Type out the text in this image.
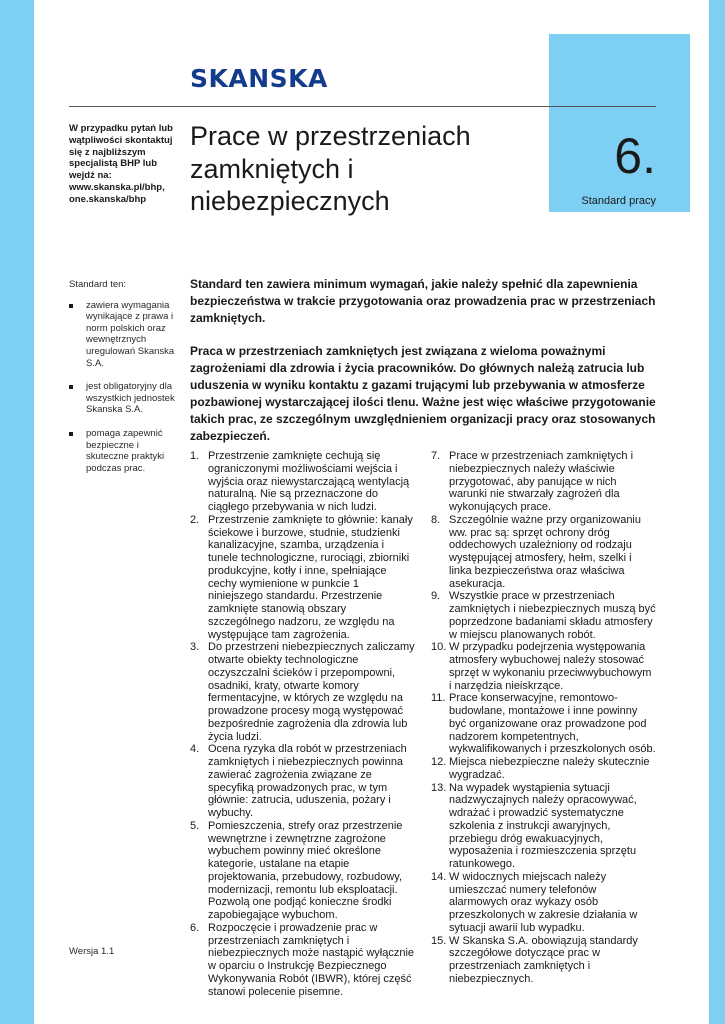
SKANSKA
6.
Standard pracy
W przypadku pytań lub wątpliwości skontaktuj się z najbliższym specjalistą BHP lub wejdź na: www.skanska.pl/bhp, one.skanska/bhp
Prace w przestrzeniach zamkniętych i niebezpiecznych
Standard ten:
zawiera wymagania wynikające z prawa i norm polskich oraz wewnętrznych uregulowań Skanska S.A.
jest obligatoryjny dla wszystkich jednostek Skanska S.A.
pomaga zapewnić bezpieczne i skuteczne praktyki podczas prac.

Standard ten zawiera minimum wymagań, jakie należy spełnić dla zapewnienia bezpieczeństwa w trakcie przygotowania oraz prowadzenia prac w przestrzeniach zamkniętych.

Praca w przestrzeniach zamkniętych jest związana z wieloma poważnymi zagrożeniami dla zdrowia i życia pracowników. Do głównych należą zatrucia lub uduszenia w wyniku kontaktu z gazami trującymi lub przebywania w atmosferze pozbawionej wystarczającej ilości tlenu. Ważne jest więc właściwe przygotowanie takich prac, ze szczególnym uwzględnieniem organizacji pracy oraz stosowanych zabezpieczeń.

1. Przestrzenie zamknięte cechują się ograniczonymi możliwościami wejścia i wyjścia oraz niewystarczającą wentylacją naturalną. Nie są przeznaczone do ciągłego przebywania w nich ludzi.
2. Przestrzenie zamknięte to głównie: kanały ściekowe i burzowe, studnie, studzienki kanalizacyjne, szamba, urządzenia i tunele technologiczne, rurociągi, zbiorniki produkcyjne, kotły i inne, spełniające cechy wymienione w punkcie 1 niniejszego standardu. Przestrzenie zamknięte stanowią obszary szczególnego nadzoru, ze względu na występujące tam zagrożenia.
3. Do przestrzeni niebezpiecznych zaliczamy otwarte obiekty technologiczne oczyszczalni ścieków i przepompowni, osadniki, kraty, otwarte komory fermentacyjne, w których ze względu na prowadzone procesy mogą występować bezpośrednie zagrożenia dla zdrowia lub życia ludzi.
4. Ocena ryzyka dla robót w przestrzeniach zamkniętych i niebezpiecznych powinna zawierać zagrożenia związane ze specyfiką prowadzonych prac, w tym głównie: zatrucia, uduszenia, pożary i wybuchy.
5. Pomieszczenia, strefy oraz przestrzenie wewnętrzne i zewnętrzne zagrożone wybuchem powinny mieć określone kategorie, ustalane na etapie projektowania, przebudowy, rozbudowy, modernizacji, remontu lub eksploatacji. Pozwolą one podjąć konieczne środki zapobiegające wybuchom.
6. Rozpoczęcie i prowadzenie prac w przestrzeniach zamkniętych i niebezpiecznych może nastąpić wyłącznie w oparciu o Instrukcję Bezpiecznego Wykonywania Robót (IBWR), której część stanowi polecenie pisemne.
7. Prace w przestrzeniach zamkniętych i niebezpiecznych należy właściwie przygotować, aby panujące w nich warunki nie stwarzały zagrożeń dla wykonujących prace.
8. Szczególnie ważne przy organizowaniu ww. prac są: sprzęt ochrony dróg oddechowych uzależniony od rodzaju występującej atmosfery, hełm, szelki i linka bezpieczeństwa oraz właściwa asekuracja.
9. Wszystkie prace w przestrzeniach zamkniętych i niebezpiecznych muszą być poprzedzone badaniami składu atmosfery w miejscu planowanych robót.
10. W przypadku podejrzenia występowania atmosfery wybuchowej należy stosować sprzęt w wykonaniu przeciwwybuchowym i narzędzia nieiskrzące.
11. Prace konserwacyjne, remontowo-budowlane, montażowe i inne powinny być organizowane oraz prowadzone pod nadzorem kompetentnych, wykwalifikowanych i przeszkolonych osób.
12. Miejsca niebezpieczne należy skutecznie wygradzać.
13. Na wypadek wystąpienia sytuacji nadzwyczajnych należy opracowywać, wdrażać i prowadzić systematyczne szkolenia z instrukcji awaryjnych, przebiegu dróg ewakuacyjnych, wyposażenia i rozmieszczenia sprzętu ratunkowego.
14. W widocznych miejscach należy umieszczać numery telefonów alarmowych oraz wykazy osób przeszkolonych w zakresie działania w sytuacji awarii lub wypadku.
15. W Skanska S.A. obowiązują standardy szczegółowe dotyczące prac w przestrzeniach zamkniętych i niebezpiecznych.
Wersja 1.1
